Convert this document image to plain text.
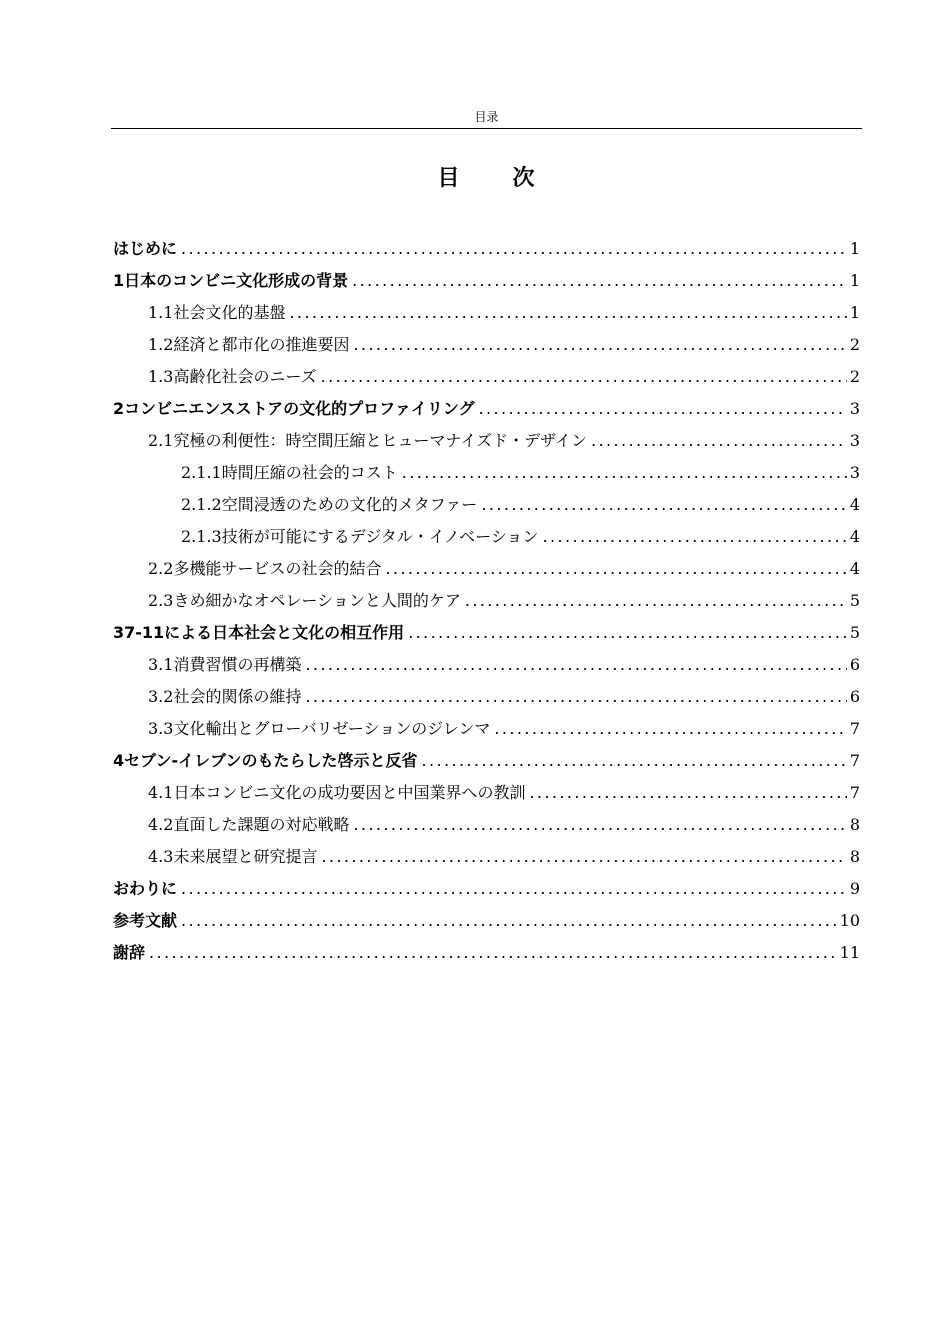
目录
目 次
はじめに .....	1
1 日本のコンビニ文化形成の背景 .....	1
1.1 社会文化的基盤 .....	1
1.2 経済と都市化の推進要因 .....	2
1.3 高齢化社会のニーズ .....	2
2 コンビニエンスストアの文化的プロファイリング .....	3
2.1 究極の利便性：時空間圧縮とヒューマナイズド・デザイン .....	3
2.1.1 時間圧縮の社会的コスト .....	3
2.1.2 空間浸透のための文化的メタファー .....	4
2.1.3 技術が可能にするデジタル・イノベーション .....	4
2.2 多機能サービスの社会的結合 .....	4
2.3 きめ細かなオペレーションと人間的ケア .....	5
3 7-11による日本社会と文化の相互作用 .....	5
3.1 消費習慣の再構築 .....	6
3.2 社会的関係の維持 .....	6
3.3 文化輸出とグローバリゼーションのジレンマ .....	7
4 セブン‐イレブンのもたらした啓示と反省 .....	7
4.1 日本コンビニ文化の成功要因と中国業界への教訓 .....	7
4.2 直面した課題の対応戦略 .....	8
4.3 未来展望と研究提言 .....	8
おわりに .....	9
参考文献 .....	10
謝辞 .....	11
